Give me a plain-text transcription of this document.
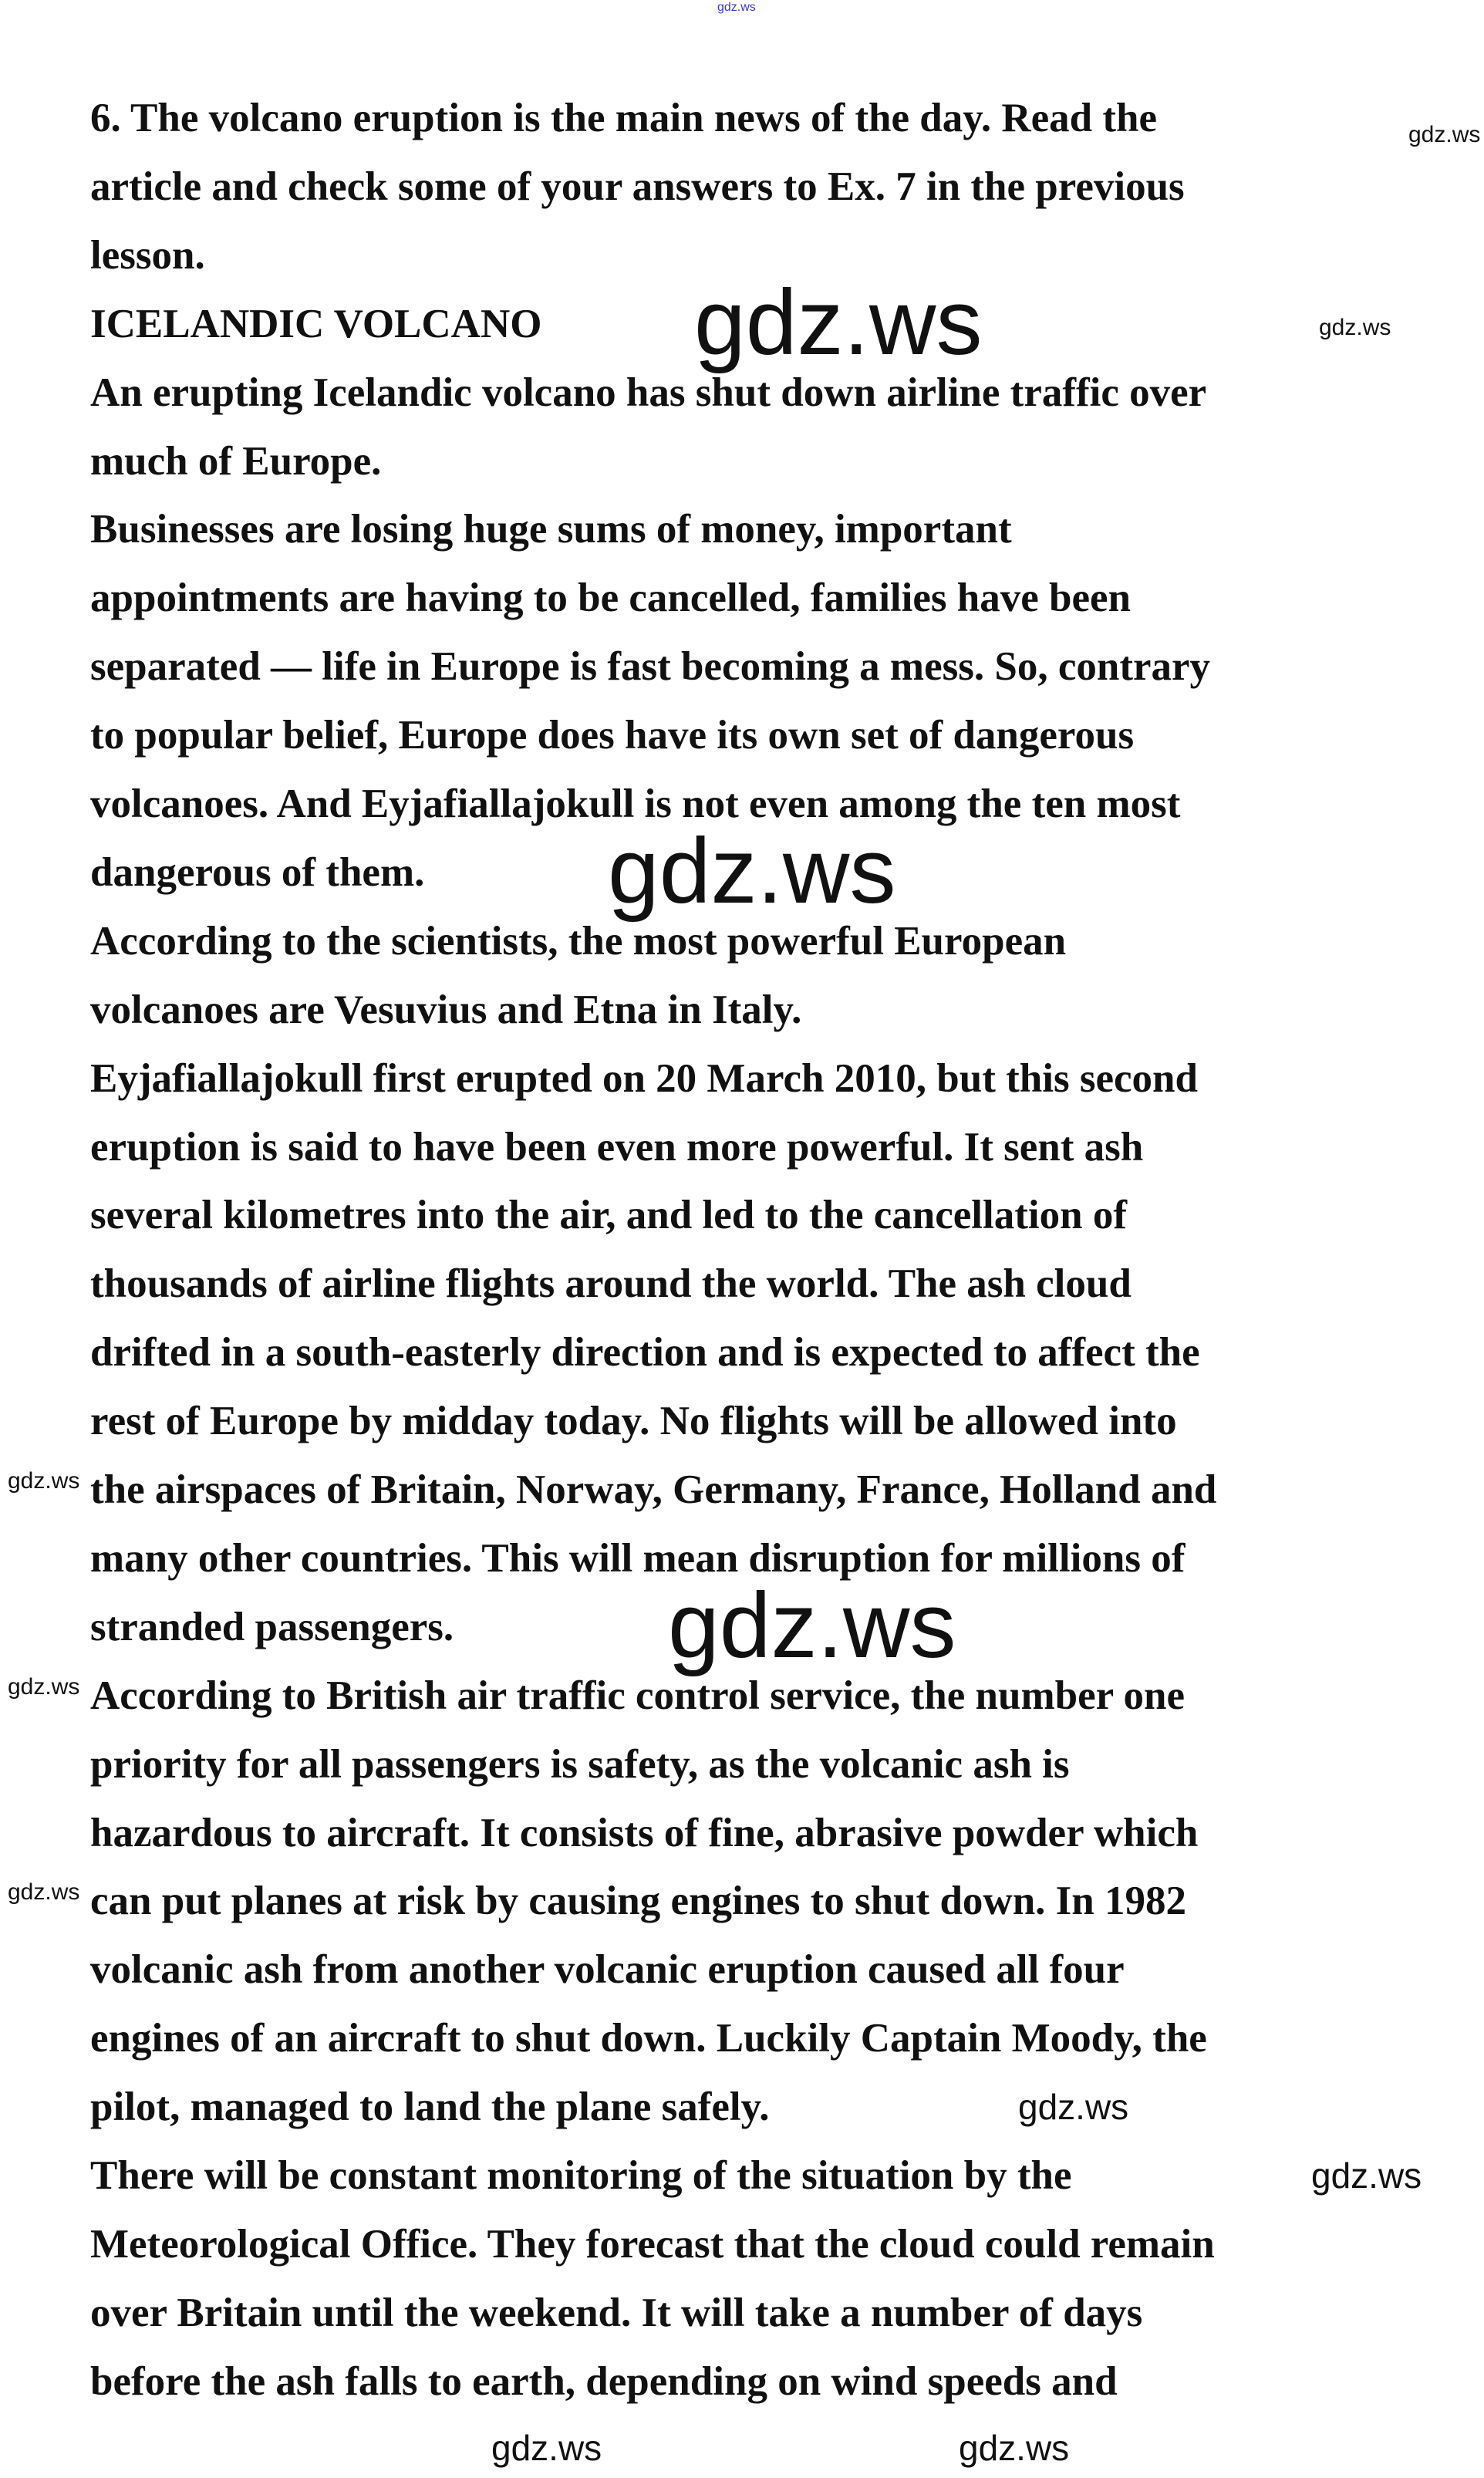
6. The volcano eruption is the main news of the day. Read the
article and check some of your answers to Ex. 7 in the previous
lesson.
ICELANDIC VOLCANO
An erupting Icelandic volcano has shut down airline traffic over
much of Europe.
Businesses are losing huge sums of money, important
appointments are having to be cancelled, families have been
separated — life in Europe is fast becoming a mess. So, contrary
to popular belief, Europe does have its own set of dangerous
volcanoes. And Eyjafiallajokull is not even among the ten most
dangerous of them.
According to the scientists, the most powerful European
volcanoes are Vesuvius and Etna in Italy.
Eyjafiallajokull first erupted on 20 March 2010, but this second
eruption is said to have been even more powerful. It sent ash
several kilometres into the air, and led to the cancellation of
thousands of airline flights around the world. The ash cloud
drifted in a south-easterly direction and is expected to affect the
rest of Europe by midday today. No flights will be allowed into
the airspaces of Britain, Norway, Germany, France, Holland and
many other countries. This will mean disruption for millions of
stranded passengers.
According to British air traffic control service, the number one
priority for all passengers is safety, as the volcanic ash is
hazardous to aircraft. It consists of fine, abrasive powder which
can put planes at risk by causing engines to shut down. In 1982
volcanic ash from another volcanic eruption caused all four
engines of an aircraft to shut down. Luckily Captain Moody, the
pilot, managed to land the plane safely.
There will be constant monitoring of the situation by the
Meteorological Office. They forecast that the cloud could remain
over Britain until the weekend. It will take a number of days
before the ash falls to earth, depending on wind speeds and
gdz.ws
gdz.ws
gdz.ws
gdz.ws
gdz.ws
gdz.ws
gdz.ws
gdz.ws
gdz.ws
gdz.ws
gdz.ws
gdz.ws	gdz.ws
